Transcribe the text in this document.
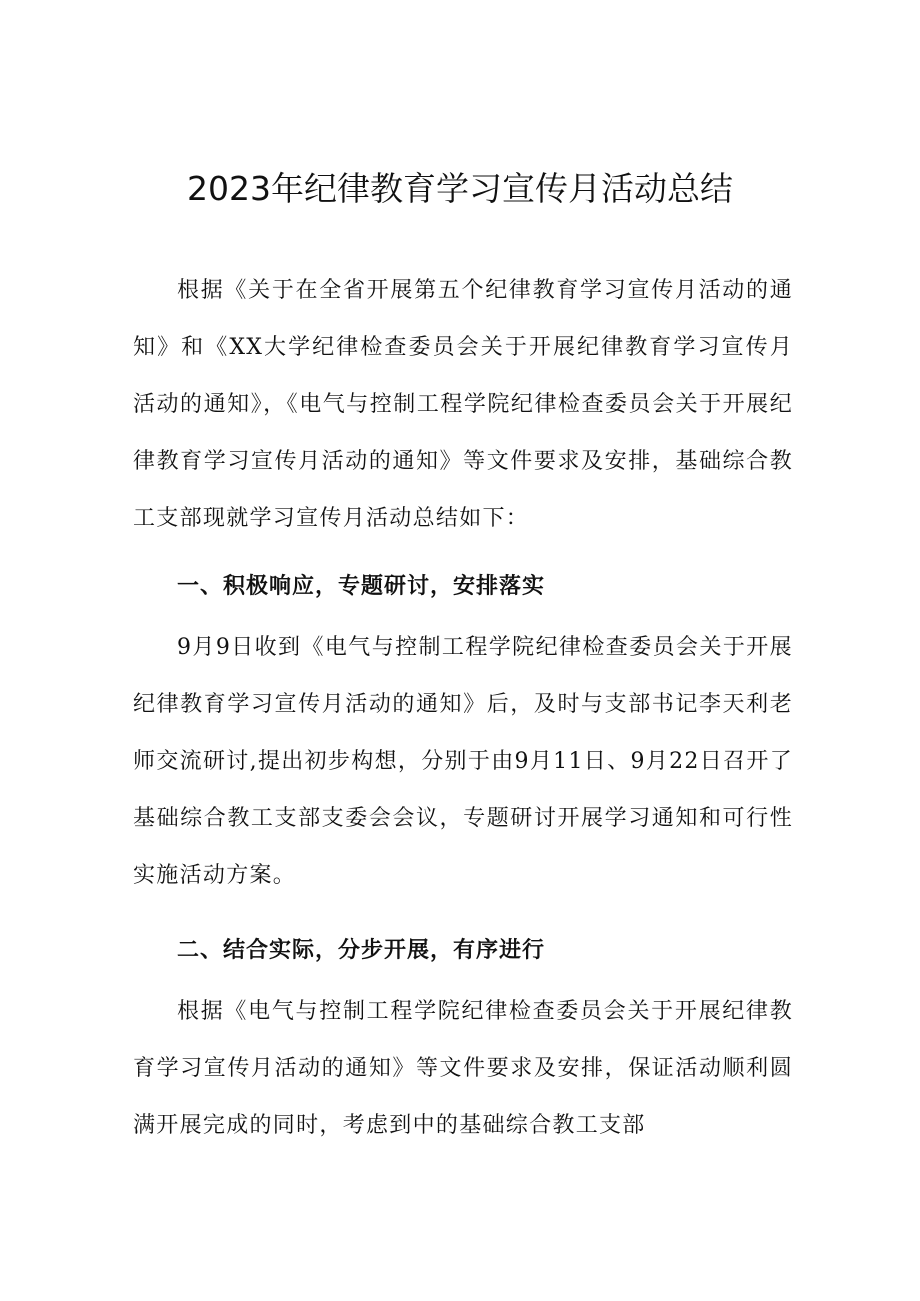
2023年纪律教育学习宣传月活动总结

根据《关于在全省开展第五个纪律教育学习宣传月活动的通知》和《XX大学纪律检查委员会关于开展纪律教育学习宣传月活动的通知》，《电气与控制工程学院纪律检查委员会关于开展纪律教育学习宣传月活动的通知》等文件要求及安排，基础综合教工支部现就学习宣传月活动总结如下：

一、积极响应，专题研讨，安排落实

9月9日收到《电气与控制工程学院纪律检查委员会关于开展纪律教育学习宣传月活动的通知》后，及时与支部书记李天利老师交流研讨,提出初步构想，分别于由9月11日、9月22日召开了基础综合教工支部支委会会议，专题研讨开展学习通知和可行性实施活动方案。

二、结合实际，分步开展，有序进行

根据《电气与控制工程学院纪律检查委员会关于开展纪律教育学习宣传月活动的通知》等文件要求及安排，保证活动顺利圆满开展完成的同时，考虑到中的基础综合教工支部
